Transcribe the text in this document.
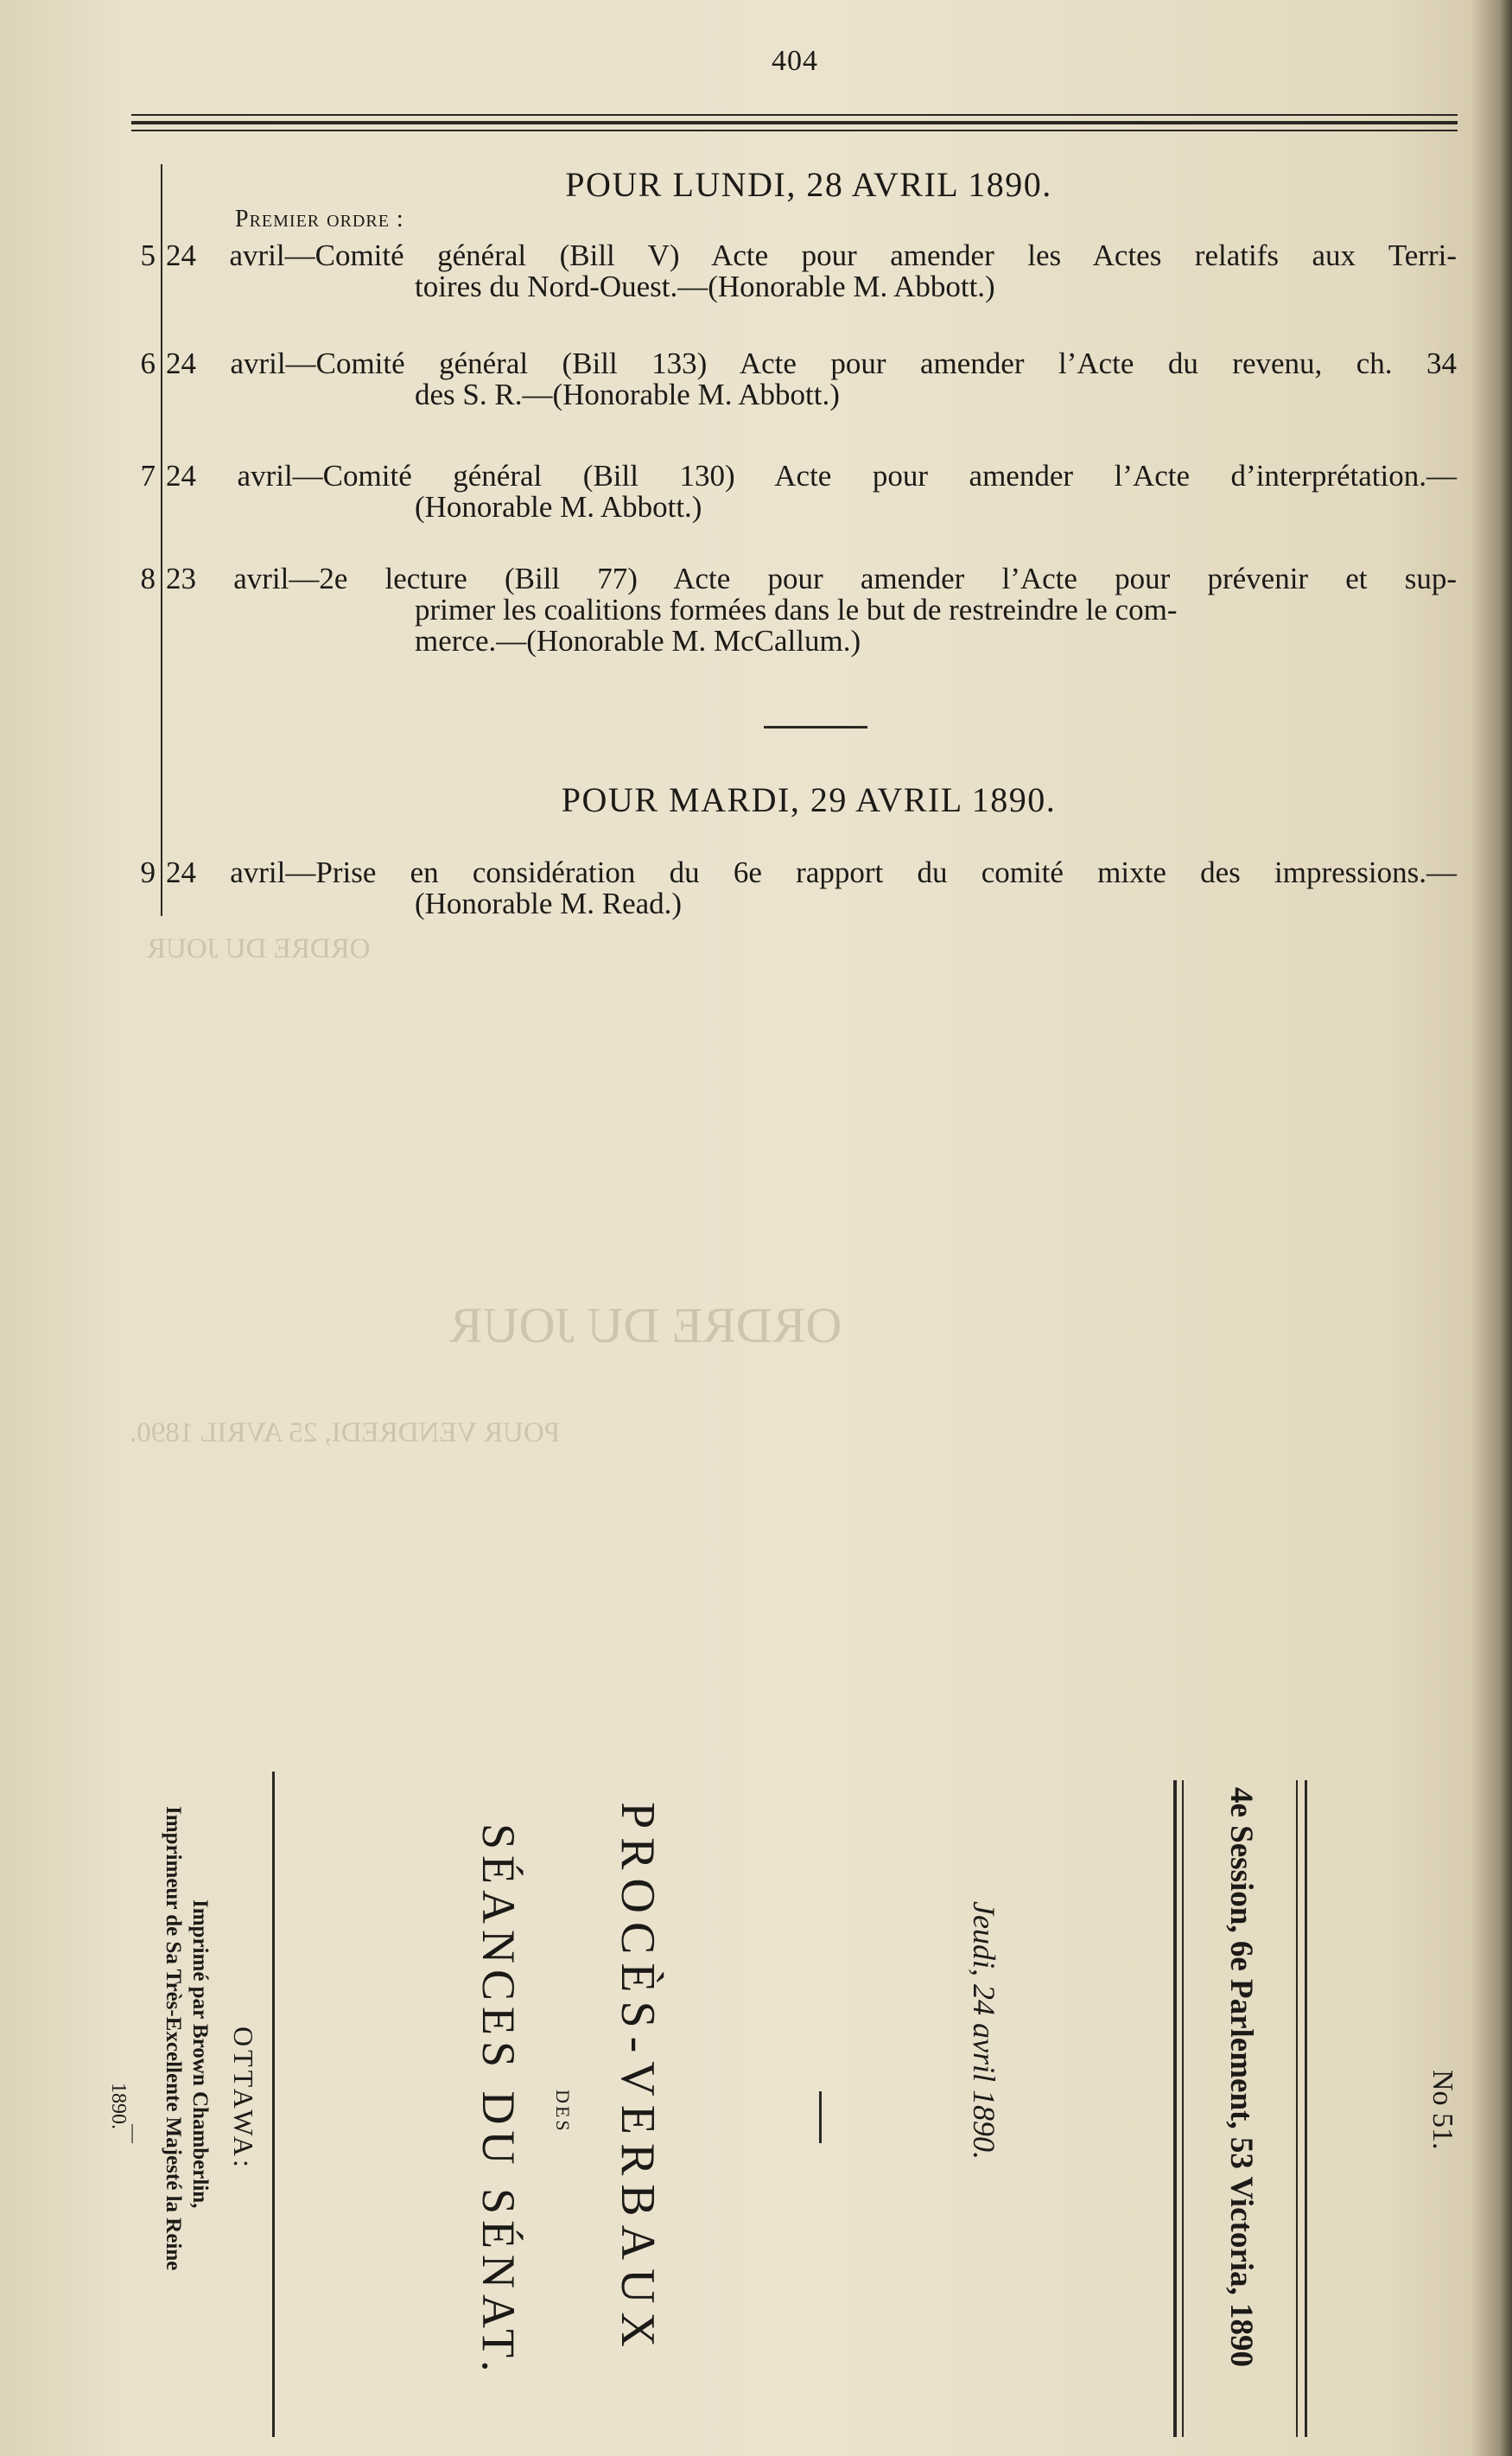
ORDRE DU JOUR
ORDRE DU JOUR
POUR VENDREDI, 25 AVRIL 1890.
404
POUR LUNDI, 28 AVRIL 1890.
Premier ordre :
5 24 avril—Comité général (Bill V) Acte pour amender les Actes relatifs aux Terri-
toires du Nord-Ouest.—(Honorable M. Abbott.)
6 24 avril—Comité général (Bill 133) Acte pour amender l’Acte du revenu, ch. 34
des S. R.—(Honorable M. Abbott.)
7 24 avril—Comité général (Bill 130) Acte pour amender l’Acte d’interprétation.—
(Honorable M. Abbott.)
8 23 avril—2e lecture (Bill 77) Acte pour amender l’Acte pour prévenir et sup-
primer les coalitions formées dans le but de restreindre le com-
merce.—(Honorable M. McCallum.)
POUR MARDI, 29 AVRIL 1890.
9 24 avril—Prise en considération du 6e rapport du comité mixte des impressions.—
(Honorable M. Read.)
No 51.
4e Session, 6e Parlement, 53 Victoria, 1890
Jeudi, 24 avril 1890.
PROCÈS-VERBAUX
DES
SÉANCES DU SÉNAT.
OTTAWA:
Imprimé par Brown Chamberlin,
Imprimeur de Sa Très-Excellente Majesté la Reine
—
1890.
